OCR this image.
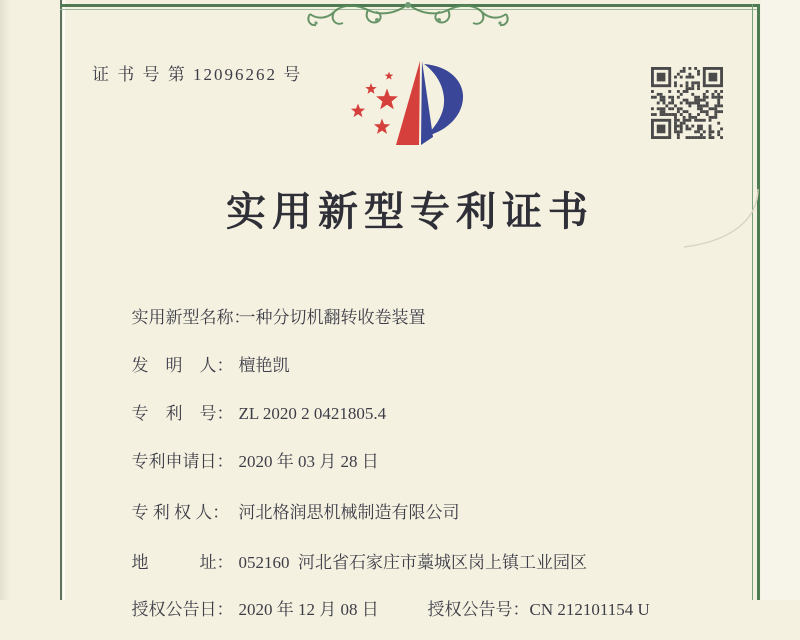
证 书 号 第 12096262 号
实用新型专利证书

实用新型名称：一种分切机翻转收卷装置

发　明　人： 檀艳凯

专　利　号： ZL 2020 2 0421805.4

专利申请日： 2020 年 03 月 28 日

专 利 权 人： 河北格润思机械制造有限公司

地　　　址： 052160  河北省石家庄市藁城区岗上镇工业园区

授权公告日： 2020 年 12 月 08 日
	授权公告号：CN 212101154 U
